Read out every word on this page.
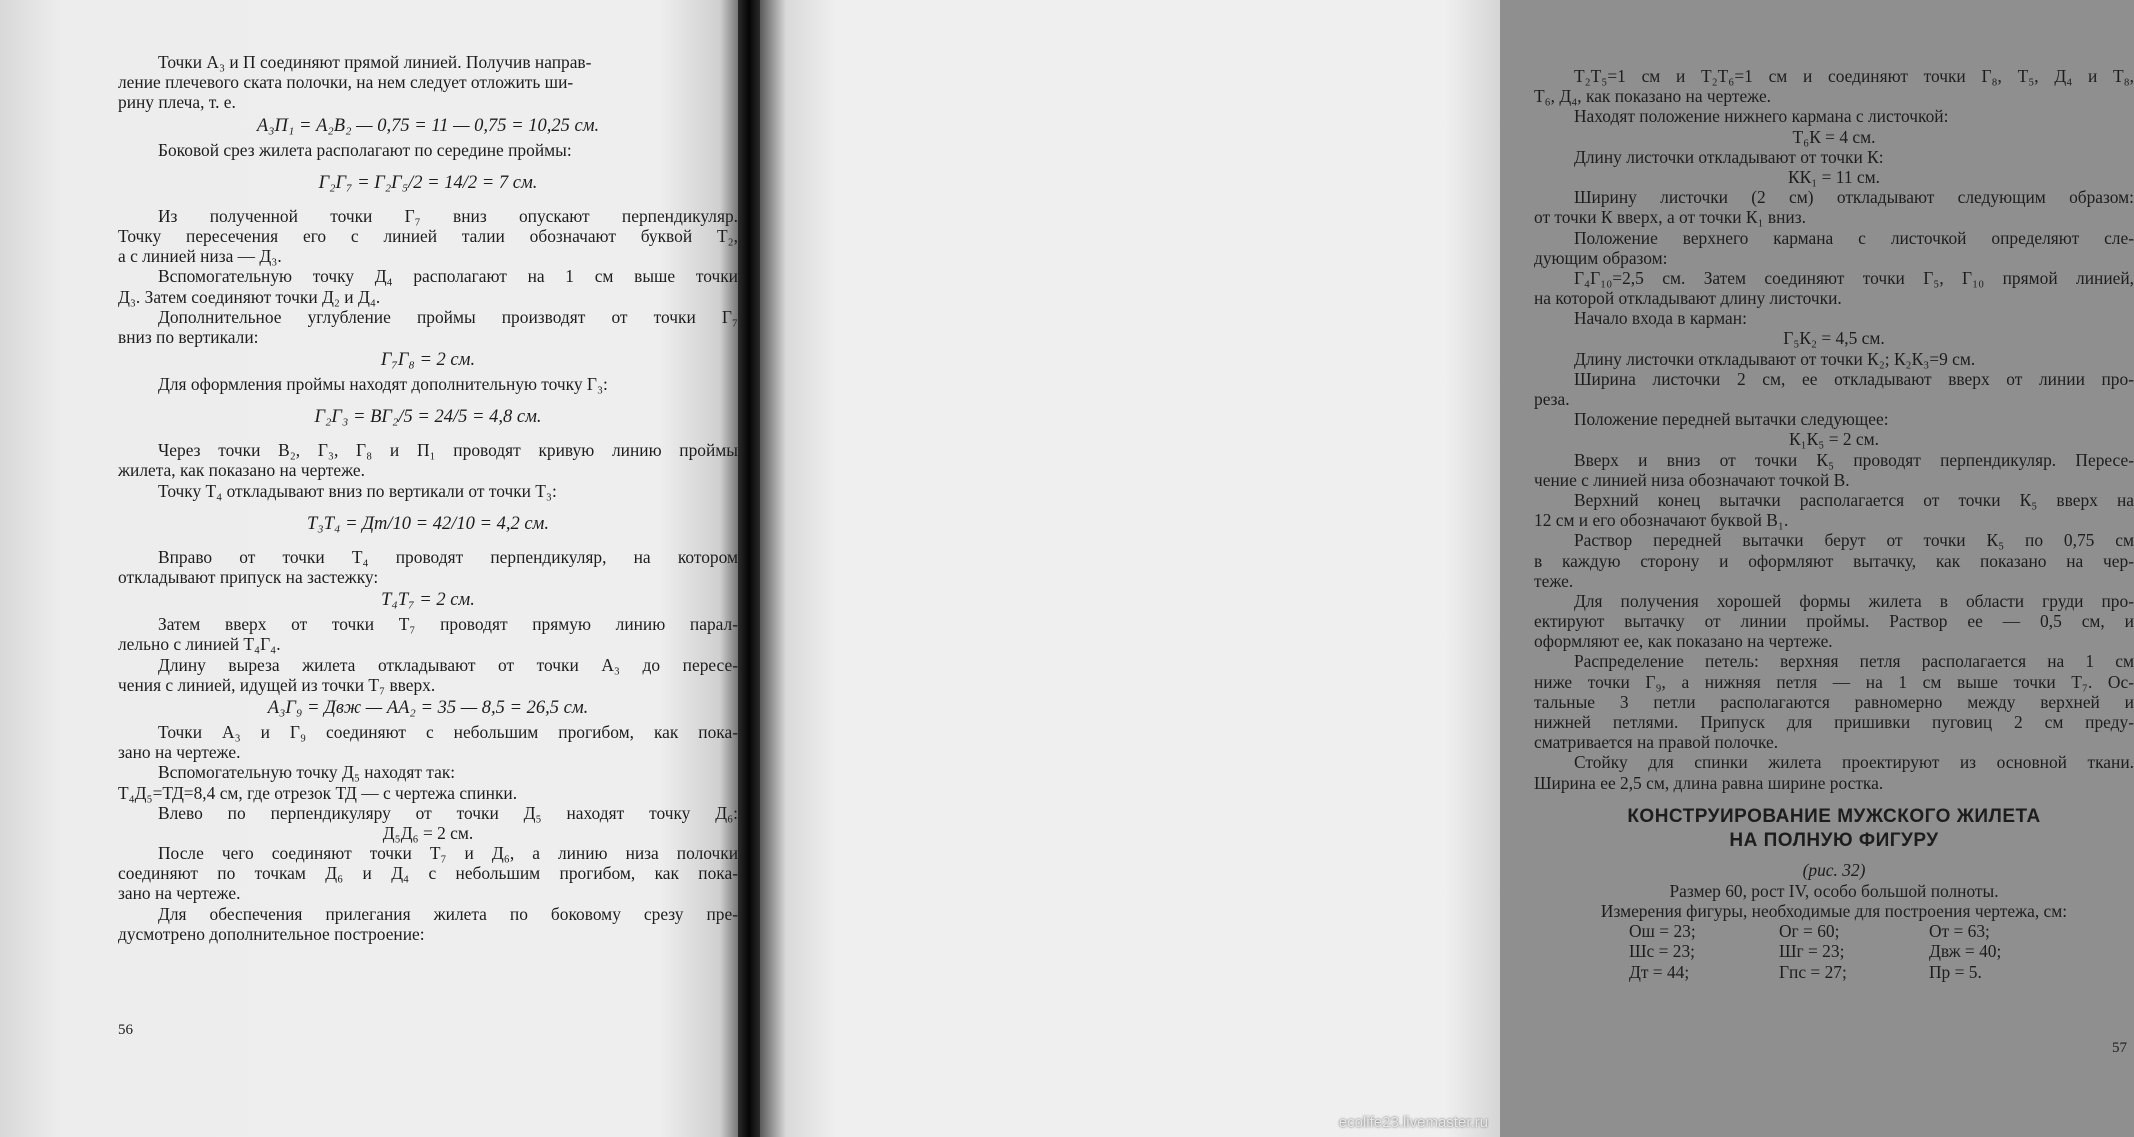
Точки А₃ и П соединяют прямой линией. Получив направ-
ление плечевого ската полочки, на нем следует отложить ши-
рину плеча, т. е.
А₃П₁ = А₂В₂ — 0,75 = 11 — 0,75 = 10,25 см.
Боковой срез жилета располагают по середине проймы:
Г₂Г₇ = Г₂Г₅/2 = 14/2 = 7 см.
Из полученной точки Г₇ вниз опускают перпендикуляр.
Точку пересечения его с линией талии обозначают буквой Т₂,
а с линией низа — Д₃.
Вспомогательную точку Д₄ располагают на 1 см выше точки
Д₃. Затем соединяют точки Д₂ и Д₄.
Дополнительное углубление проймы производят от точки Г₇
вниз по вертикали:
Г₇Г₈ = 2 см.
Для оформления проймы находят дополнительную точку Г₃:
Г₂Г₃ = ВГ₂/5 = 24/5 = 4,8 см.
Через точки В₂, Г₃, Г₈ и П₁ проводят кривую линию проймы
жилета, как показано на чертеже.
Точку Т₄ откладывают вниз по вертикали от точки Т₃:
Т₃Т₄ = Дт/10 = 42/10 = 4,2 см.
Вправо от точки Т₄ проводят перпендикуляр, на котором
откладывают припуск на застежку:
Т₄Т₇ = 2 см.
Затем вверх от точки Т₇ проводят прямую линию парал-
лельно с линией Т₄Г₄.
Длину выреза жилета откладывают от точки А₃ до пересе-
чения с линией, идущей из точки Т₇ вверх.
А₃Г₉ = Двж — АА₂ = 35 — 8,5 = 26,5 см.
Точки А₃ и Г₉ соединяют с небольшим прогибом, как пока-
зано на чертеже.
Вспомогательную точку Д₅ находят так:
Т₄Д₅=ТД=8,4 см, где отрезок ТД — с чертежа спинки.
Влево по перпендикуляру от точки Д₅ находят точку Д₆:
Д₅Д₆ = 2 см.
После чего соединяют точки Т₇ и Д₆, а линию низа полочки
соединяют по точкам Д₆ и Д₄ с небольшим прогибом, как пока-
зано на чертеже.
Для обеспечения прилегания жилета по боковому срезу пре-
дусмотрено дополнительное построение:
56
Т₂Т₅=1 см и Т₂Т₆=1 см и соединяют точки Г₈, Т₅, Д₄ и Т₈,
Т₆, Д₄, как показано на чертеже.
Находят положение нижнего кармана с листочкой:
Т₆К = 4 см.
Длину листочки откладывают от точки К:
КК₁ = 11 см.
Ширину листочки (2 см) откладывают следующим образом:
от точки К вверх, а от точки К₁ вниз.
Положение верхнего кармана с листочкой определяют сле-
дующим образом:
Г₄Г₁₀=2,5 см. Затем соединяют точки Г₅, Г₁₀ прямой линией,
на которой откладывают длину листочки.
Начало входа в карман:
Г₅К₂ = 4,5 см.
Длину листочки откладывают от точки К₂; К₂К₃=9 см.
Ширина листочки 2 см, ее откладывают вверх от линии про-
реза.
Положение передней вытачки следующее:
К₁К₅ = 2 см.
Вверх и вниз от точки К₅ проводят перпендикуляр. Пересе-
чение с линией низа обозначают точкой В.
Верхний конец вытачки располагается от точки К₅ вверх на
12 см и его обозначают буквой В₁.
Раствор передней вытачки берут от точки К₅ по 0,75 см
в каждую сторону и оформляют вытачку, как показано на чер-
теже.
Для получения хорошей формы жилета в области груди про-
ектируют вытачку от линии проймы. Раствор ее — 0,5 см, и
оформляют ее, как показано на чертеже.
Распределение петель: верхняя петля располагается на 1 см
ниже точки Г₉, а нижняя петля — на 1 см выше точки Т₇. Ос-
тальные 3 петли располагаются равномерно между верхней и
нижней петлями. Припуск для пришивки пуговиц 2 см преду-
сматривается на правой полочке.
Стойку для спинки жилета проектируют из основной ткани.
Ширина ее 2,5 см, длина равна ширине ростка.
КОНСТРУИРОВАНИЕ МУЖСКОГО ЖИЛЕТА
НА ПОЛНУЮ ФИГУРУ
(рис. 32)
Размер 60, рост IV, особо большой полноты.
Измерения фигуры, необходимые для построения чертежа, см:
Ош = 23;	Ог = 60;	От = 63;
Шс = 23;	Шг = 23;	Двж = 40;
Дт = 44;	Гпс = 27;	Пр = 5.
57
ecolife23.livemaster.ru
